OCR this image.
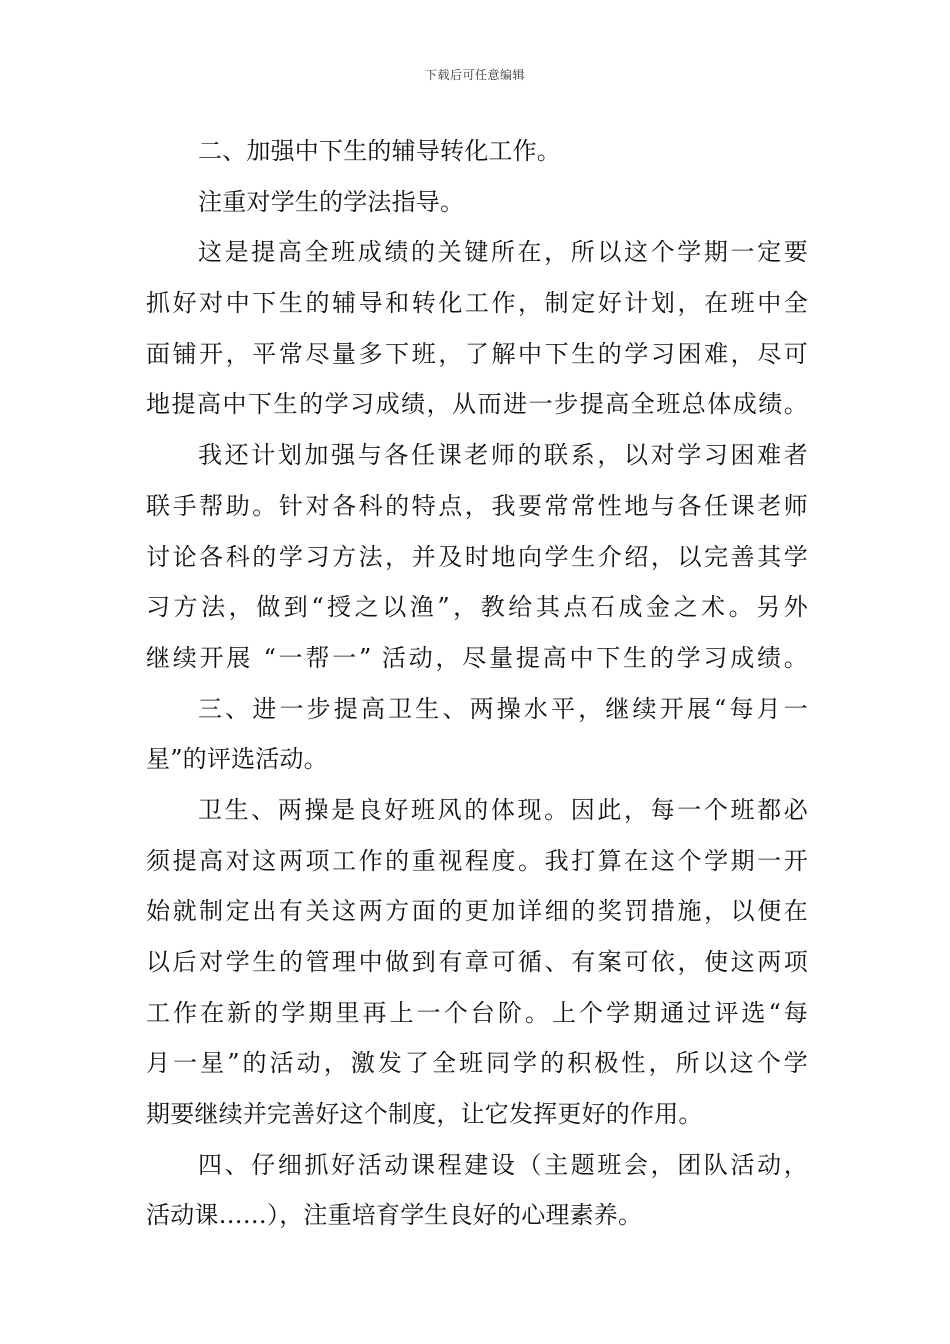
下载后可任意编辑
二、加强中下生的辅导转化工作。
注重对学生的学法指导。
这是提高全班成绩的关键所在，所以这个学期一定要
抓好对中下生的辅导和转化工作，制定好计划，在班中全
面铺开，平常尽量多下班，了解中下生的学习困难，尽可
地提高中下生的学习成绩，从而进一步提高全班总体成绩。
我还计划加强与各任课老师的联系，以对学习困难者
联手帮助。针对各科的特点，我要常常性地与各任课老师
讨论各科的学习方法，并及时地向学生介绍，以完善其学
习方法，做到“授之以渔”，教给其点石成金之术。另外
继续开展 “一帮一” 活动，尽量提高中下生的学习成绩。
三、进一步提高卫生、两操水平，继续开展“每月一
星”的评选活动。
卫生、两操是良好班风的体现。因此，每一个班都必
须提高对这两项工作的重视程度。我打算在这个学期一开
始就制定出有关这两方面的更加详细的奖罚措施，以便在
以后对学生的管理中做到有章可循、有案可依，使这两项
工作在新的学期里再上一个台阶。上个学期通过评选“每
月一星”的活动，激发了全班同学的积极性，所以这个学
期要继续并完善好这个制度，让它发挥更好的作用。
四、仔细抓好活动课程建设（主题班会，团队活动，
活动课……），注重培育学生良好的心理素养。
